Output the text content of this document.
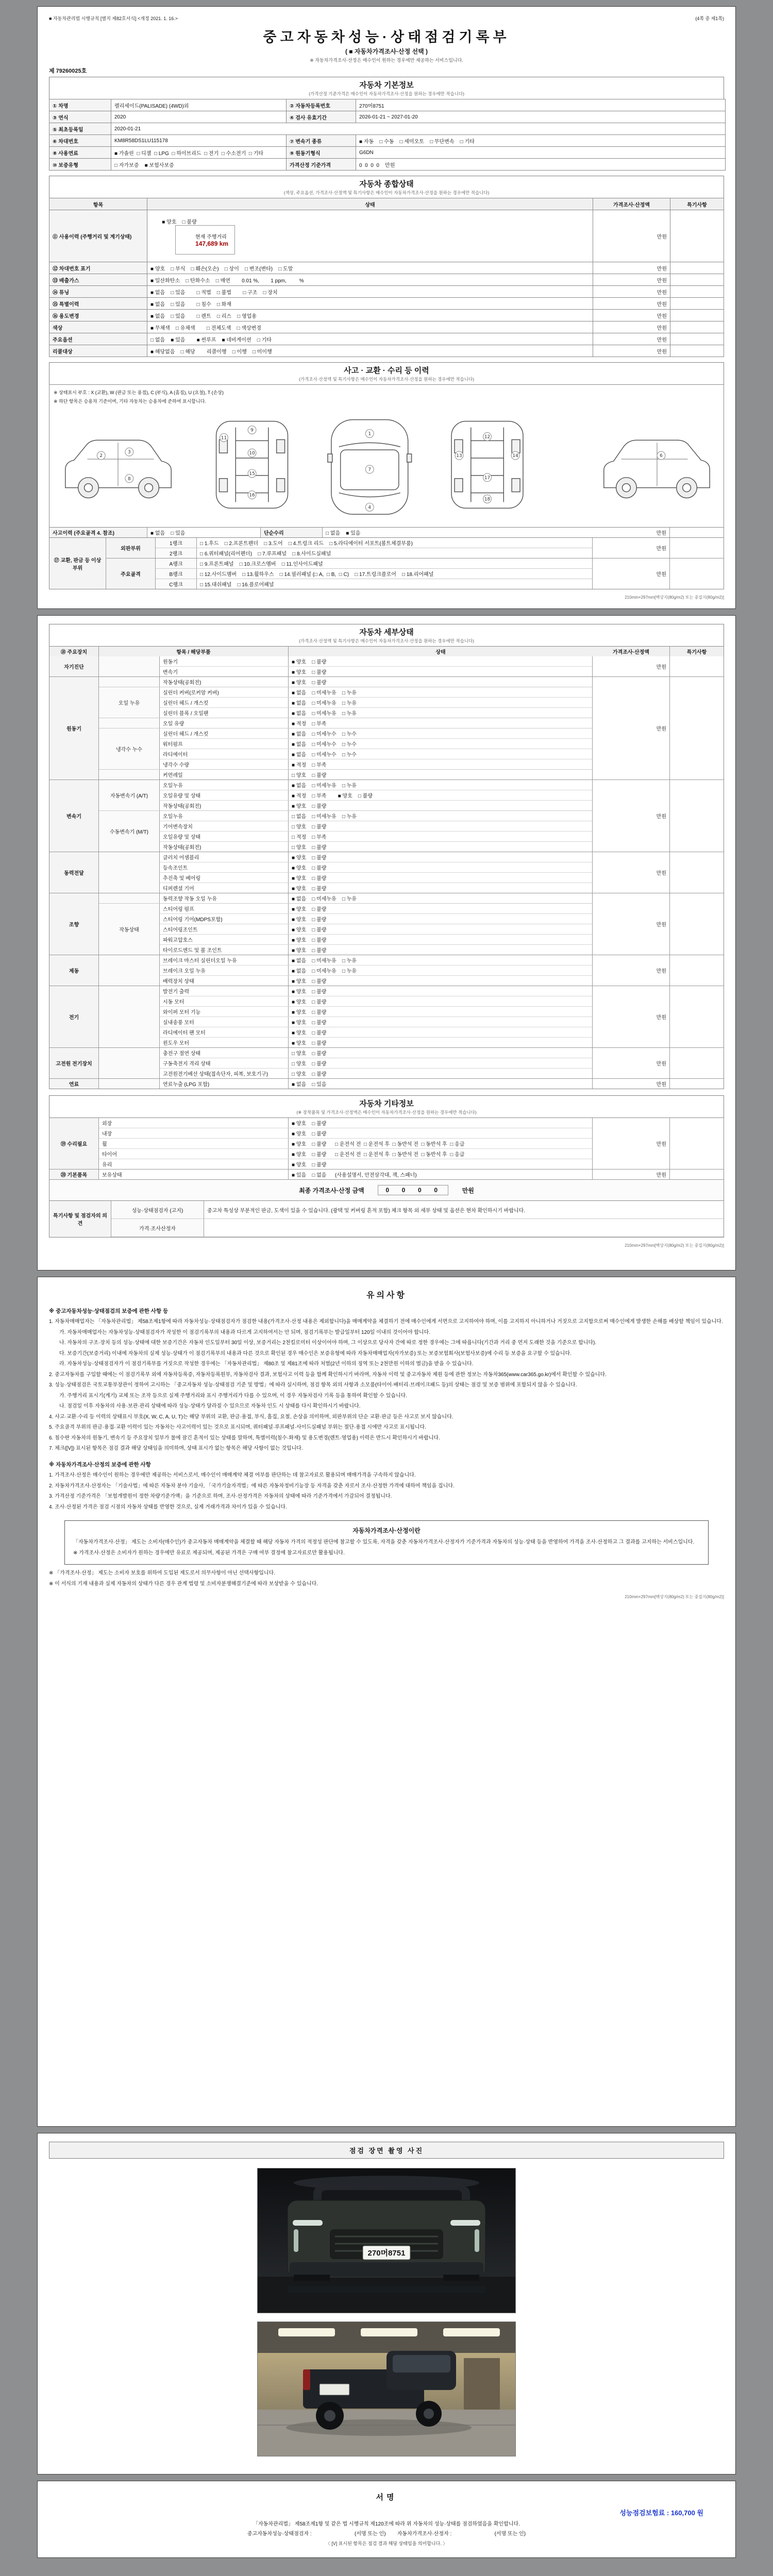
■ 자동차관리법 시행규칙 [별지 제82호서식] <개정 2021. 1. 16.>	(4쪽 중 제1쪽)
중고자동차성능·상태점검기록부
( ■ 자동차가격조사·산정 선택 )
※ 자동차가격조사·산정은 매수인이 원하는 경우에만 제공하는 서비스입니다.
제 79260025호
자동차 기본정보
(가격산정 기준가격은 매수인이 자동차가격조사·산정을 원하는 경우에만 적습니다)
① 차명	펠리세이드(PALISADE) (4WD)외	② 자동차등록번호	270머8751
③ 연식	2020	④ 검사 유효기간	2026-01-21 ~ 2027-01-20
⑤ 최초등록일	2020-01-21		
⑥ 차대번호	KM8R58DS1LU115178	⑦ 변속기 종류	■ 자동    □ 수동    □ 세미오토    □ 무단변속    □ 기타
⑧ 사용연료	■ 가솔린  □ 디젤  □ LPG  □ 하이브리드  □ 전기  □ 수소전기  □ 기타	⑨ 원동기형식	G6DN
⑩ 보증유형	□ 자가보증    ■ 보험사보증	가격산정 기준가격	0  0  0  0    만원
자동차 종합상태
(색상, 주요옵션, 가격조사·산정액 및 특기사항은 매수인이 자동차가격조사·산정을 원하는 경우에만 적습니다)
항목	상태	가격조사·산정액	특기사항
⑪ 사용이력 (주행거리 및 계기상태)	■ 양호    □ 불량

현재 주행거리
147,689 km	만원	
⑫ 차대번호 표기	■ 양호    □ 부식    □ 훼손(오손)    □ 상이    □ 변조(변타)    □ 도말	만원	
⑬ 배출가스	■ 일산화탄소    □ 탄화수소    □ 매연        0.01 %,        1 ppm,         %	만원	
⑭ 튜닝	■ 없음    □ 있음        □ 적법    □ 불법        □ 구조    □ 장치	만원	
⑮ 특별이력	■ 없음    □ 있음        □ 침수    □ 화재	만원	
⑯ 용도변경	■ 없음    □ 있음        □ 렌트    □ 리스    □ 영업용	만원	
색상	■ 무채색    □ 유채색        □ 전체도색    □ 색상변경	만원	
주요옵션	□ 없음    ■ 있음        ■ 썬루프    ■ 네비게이션    □ 기타	만원	
리콜대상	■ 해당없음    □ 해당        리콜이행    □ 이행    □ 미이행	만원	
사고 · 교환 · 수리 등 이력
(가격조사·산정액 및 특기사항은 매수인이 자동차가격조사·산정을 원하는 경우에만 적습니다)
※ 상태표시 부호 : X (교환), W (판금 또는 용접), C (부식), A (흠집), U (요철), T (손상)
※ 하단 항목은 승용차 기준이며, 기타 자동차는 승용차에 준하여 표시합니다.
2
3
8
9
10
11
15
16
1
7
4
12
13	14
17
18
6
사고이력 (주요골격 4. 참조)	■ 없음    □ 있음	단순수리	□ 없음    ■ 있음	만원
⑰ 교환, 판금 등 이상 부위
외판부위
1랭크	□ 1.후드    □ 2.프론트펜더    □ 3.도어    □ 4.트렁크 리드    □ 5.라디에이터 서포트(볼트체결부품)
2랭크	□ 6.쿼터패널(리어펜더)    □ 7.루프패널    □ 8.사이드실패널
만원
주요골격
A랭크	□ 9.프론트패널    □ 10.크로스멤버    □ 11.인사이드패널
B랭크	□ 12.사이드멤버    □ 13.휠하우스    □ 14.필러패널 (□ A,  □ B,  □ C)    □ 17.트렁크플로어    □ 18.리어패널
C랭크	□ 15.대쉬패널    □ 16.플로어패널
만원
210mm×297mm[백상지(80g/m2) 또는 중질지(80g/m2)]
자동차 세부상태
(가격조사·산정액 및 특기사항은 매수인이 자동차가격조사·산정을 원하는 경우에만 적습니다)
⑱ 주요장치	항목 / 해당부품	상태	가격조사·산정액	특기사항
자기진단
원동기	■ 양호    □ 불량
변속기	■ 양호    □ 불량
만원
원동기
작동상태(공회전)	■ 양호    □ 불량
오일 누유
실린더 커버(로커암 커버)	■ 없음    □ 미세누유    □ 누유
실린더 헤드 / 개스킷	■ 없음    □ 미세누유    □ 누유
실린더 블록 / 오일팬	■ 없음    □ 미세누유    □ 누유
오일 유량	■ 적정    □ 부족
냉각수 누수
실린더 헤드 / 개스킷	■ 없음    □ 미세누수    □ 누수
워터펌프	■ 없음    □ 미세누수    □ 누수
라디에이터	■ 없음    □ 미세누수    □ 누수
냉각수 수량	■ 적정    □ 부족
커먼레일	□ 양호    □ 불량
만원
변속기
자동변속기 (A/T)
오일누유	■ 없음    □ 미세누유    □ 누유
오일유량 및 상태	■ 적정    □ 부족        ■ 양호    □ 불량
작동상태(공회전)	■ 양호    □ 불량
수동변속기 (M/T)
오일누유	□ 없음    □ 미세누유    □ 누유
기어변속장치	□ 양호    □ 불량
오일유량 및 상태	□ 적정    □ 부족
작동상태(공회전)	□ 양호    □ 불량
만원
동력전달
클러치 어셈블리	■ 양호    □ 불량
등속조인트	■ 양호    □ 불량
추진축 및 베어링	■ 양호    □ 불량
디퍼렌셜 기어	■ 양호    □ 불량
만원
조향
동력조향 작동 오일 누유	■ 없음    □ 미세누유    □ 누유
작동상태
스티어링 펌프	■ 양호    □ 불량
스티어링 기어(MDPS포함)	■ 양호    □ 불량
스티어링조인트	■ 양호    □ 불량
파워고압호스	■ 양호    □ 불량
타이로드엔드 및 볼 조인트	■ 양호    □ 불량
만원
제동
브레이크 마스터 실린더오일 누유	■ 없음    □ 미세누유    □ 누유
브레이크 오일 누유	■ 없음    □ 미세누유    □ 누유
배력장치 상태	■ 양호    □ 불량
만원
전기
발전기 출력	■ 양호    □ 불량
시동 모터	■ 양호    □ 불량
와이퍼 모터 기능	■ 양호    □ 불량
실내송풍 모터	■ 양호    □ 불량
라디에이터 팬 모터	■ 양호    □ 불량
윈도우 모터	■ 양호    □ 불량
만원
고전원 전기장치
충전구 절연 상태	□ 양호    □ 불량
구동축전지 격리 상태	□ 양호    □ 불량
고전원전기배선 상태(접속단자, 피복, 보호기구)	□ 양호    □ 불량
만원
연료	연료누출 (LPG 포함)	■ 없음    □ 있음	만원
자동차 기타정보
(※ 장착품목 및 가격조사·산정액은 매수인이 자동차가격조사·산정을 원하는 경우에만 적습니다)
⑲ 수리필요
외장	■ 양호    □ 불량
내장	■ 양호    □ 불량
휠	■ 양호    □ 불량      □ 운전석 전  □ 운전석 후  □ 동반석 전  □ 동반석 후  □ 응급
타이어	■ 양호    □ 불량      □ 운전석 전  □ 운전석 후  □ 동반석 전  □ 동반석 후  □ 응급
유리	■ 양호    □ 불량
만원
⑳ 기본품목	보유상태	■ 있음    □ 없음      (사용설명서, 안전삼각대, 잭, 스패너)	만원
최종 가격조사·산정 금액

	0  0  0  0

	만원
특기사항 및 점검자의 의견
성능·상태점검자 (고지)	중고차 특성상 부분적인 판금, 도색이 있을 수 있습니다. (광택 및 커버링 흔적 포함) 체크 항목 외 세부 상태 및 옵션은 현차 확인하시기 바랍니다.
가격·조사산정자
210mm×297mm[백상지(80g/m2) 또는 중질지(80g/m2)]
유의사항
※ 중고자동차성능·상태점검의 보증에 관한 사항 등
1. 자동차매매업자는 「자동차관리법」 제58조제1항에 따라 자동차성능·상태점검자가 점검한 내용(가격조사·산정 내용은 제외합니다)을 매매계약을 체결하기 전에 매수인에게 서면으로 고지하여야 하며, 이를 고지하지 아니하거나 거짓으로 고지함으로써 매수인에게 발생한 손해를 배상할 책임이 있습니다.
가. 자동차매매업자는 자동차성능·상태점검자가 작성한 이 점검기록부의 내용과 다르게 고지하여서는 안 되며, 점검기록부는 발급일부터 120일 이내의 것이어야 합니다.
나. 자동차의 구조·장치 등의 성능·상태에 대한 보증기간은 자동차 인도일부터 30일 이상, 보증거리는 2천킬로미터 이상이어야 하며, 그 이상으로 당사자 간에 따로 정한 경우에는 그에 따릅니다(기간과 거리 중 먼저 도래한 것을 기준으로 합니다).
다. 보증기간(보증거리) 이내에 자동차의 실제 성능·상태가 이 점검기록부의 내용과 다른 것으로 확인된 경우 매수인은 보증유형에 따라 자동차매매업자(자가보증) 또는 보증보험회사(보험사보증)에 수리 등 보증을 요구할 수 있습니다.
라. 자동차성능·상태점검자가 이 점검기록부를 거짓으로 작성한 경우에는 「자동차관리법」 제80조 및 제81조에 따라 처벌(2년 이하의 징역 또는 2천만원 이하의 벌금)을 받을 수 있습니다.
2. 중고자동차를 구입할 때에는 이 점검기록부 외에 자동차등록증, 자동차등록원부, 자동차검사 결과, 보험사고 이력 등을 함께 확인하시기 바라며, 자동차 이력 및 중고자동차 제원 등에 관한 정보는 자동차365(www.car365.go.kr)에서 확인할 수 있습니다.
3. 성능·상태점검은 국토교통부장관이 정하여 고시하는 「중고자동차 성능·상태점검 기준 및 방법」에 따라 실시하며, 점검 항목 외의 사항과 소모품(타이어·배터리·브레이크패드 등)의 상태는 점검 및 보증 범위에 포함되지 않을 수 있습니다.
가. 주행거리 표시기(계기) 교체 또는 조작 등으로 실제 주행거리와 표시 주행거리가 다를 수 있으며, 이 경우 자동차검사 기록 등을 통하여 확인할 수 있습니다.
나. 점검일 이후 자동차의 사용·보관·관리 상태에 따라 성능·상태가 달라질 수 있으므로 자동차 인도 시 상태를 다시 확인하시기 바랍니다.
4. 사고·교환·수리 등 이력의 상태표시 부호(X, W, C, A, U, T)는 해당 부위의 교환, 판금·용접, 부식, 흠집, 요철, 손상을 의미하며, 외판부위의 단순 교환·판금 등은 사고로 보지 않습니다.
5. 주요골격 부위의 판금·용접·교환 이력이 있는 자동차는 사고이력이 있는 것으로 표시되며, 쿼터패널·루프패널·사이드실패널 부위는 절단·용접 시에만 사고로 표시됩니다.
6. 침수란 자동차의 원동기, 변속기 등 주요장치 일부가 물에 잠긴 흔적이 있는 상태를 말하며, 특별이력(침수·화재) 및 용도변경(렌트·영업용) 이력은 반드시 확인하시기 바랍니다.
7. 체크([V]) 표시된 항목은 점검 결과 해당 상태임을 의미하며, 상태 표시가 없는 항목은 해당 사항이 없는 것입니다.
※ 자동차가격조사·산정의 보증에 관한 사항
1. 가격조사·산정은 매수인이 원하는 경우에만 제공하는 서비스로서, 매수인이 매매계약 체결 여부를 판단하는 데 참고자료로 활용되며 매매가격을 구속하지 않습니다.
2. 자동차가격조사·산정자는 「기술사법」에 따른 자동차 분야 기술사, 「국가기술자격법」에 따른 자동차정비기능장 등 자격을 갖춘 자로서 조사·산정한 가격에 대하여 책임을 집니다.
3. 가격산정 기준가격은 「보험개발원이 정한 차량기준가액」을 기준으로 하며, 조사·산정가격은 자동차의 상태에 따라 기준가격에서 가감되어 결정됩니다.
4. 조사·산정된 가격은 점검 시점의 자동차 상태를 반영한 것으로, 실제 거래가격과 차이가 있을 수 있습니다.
자동차가격조사·산정이란
「자동차가격조사·산정」 제도는 소비자(매수인)가 중고자동차 매매계약을 체결할 때 해당 자동차 가격의 적정성 판단에 참고할 수 있도록, 자격을 갖춘 자동차가격조사·산정자가 기준가격과 자동차의 성능·상태 등을 반영하여 가격을 조사·산정하고 그 결과를 고지하는 서비스입니다.
※ 가격조사·산정은 소비자가 원하는 경우에만 유료로 제공되며, 제공된 가격은 구매 여부 결정에 참고자료로만 활용됩니다.
※ 「가격조사·산정」 제도는 소비자 보호를 위하여 도입된 제도로서 의무사항이 아닌 선택사항입니다.
※ 이 서식의 기재 내용과 실제 자동차의 상태가 다른 경우 관계 법령 및 소비자분쟁해결기준에 따라 보상받을 수 있습니다.
210mm×297mm[백상지(80g/m2) 또는 중질지(80g/m2)]
점검 장면 촬영 사진
270머8751
서명
성능점검보험료 : 160,700 원
「자동차관리법」 제58조제1항 및 같은 법 시행규칙 제120조에 따라 위 자동차의 성능·상태를 점검하였음을 확인합니다.
중고자동차성능·상태점검자 :                              (서명 또는 인)        자동차가격조사·산정자 :                              (서명 또는 인)
〈 [V] 표시된 항목은 점검 결과 해당 상태임을 의미합니다. 〉
